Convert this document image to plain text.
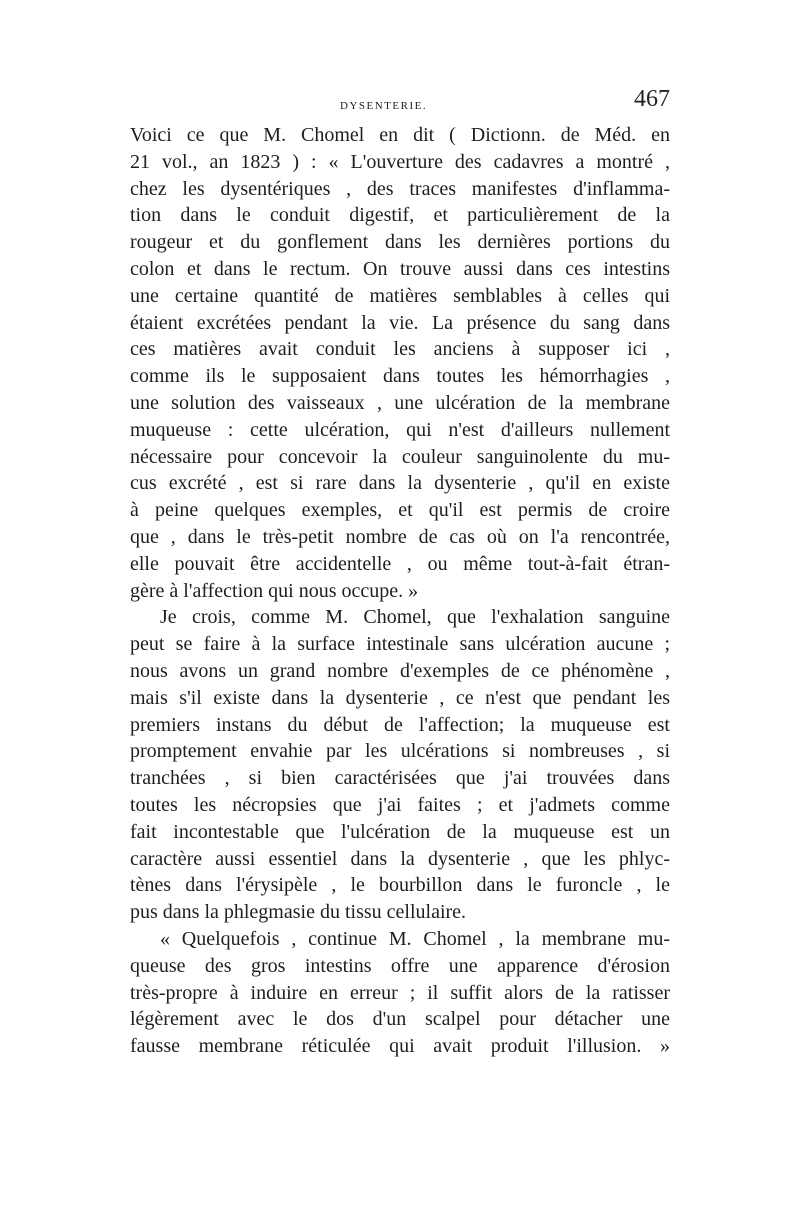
DYSENTERIE.	467
Voici ce que M. Chomel en dit ( Dictionn. de Méd. en
21 vol., an 1823 ) : « L'ouverture des cadavres a montré ,
chez les dysentériques , des traces manifestes d'inflamma-
tion dans le conduit digestif, et particulièrement de la
rougeur et du gonflement dans les dernières portions du
colon et dans le rectum. On trouve aussi dans ces intestins
une certaine quantité de matières semblables à celles qui
étaient excrétées pendant la vie. La présence du sang dans
ces matières avait conduit les anciens à supposer ici ,
comme ils le supposaient dans toutes les hémorrhagies ,
une solution des vaisseaux , une ulcération de la membrane
muqueuse : cette ulcération, qui n'est d'ailleurs nullement
nécessaire pour concevoir la couleur sanguinolente du mu-
cus excrété , est si rare dans la dysenterie , qu'il en existe
à peine quelques exemples, et qu'il est permis de croire
que , dans le très-petit nombre de cas où on l'a rencontrée,
elle pouvait être accidentelle , ou même tout-à-fait étran-
gère à l'affection qui nous occupe. »
Je crois, comme M. Chomel, que l'exhalation sanguine
peut se faire à la surface intestinale sans ulcération aucune ;
nous avons un grand nombre d'exemples de ce phénomène ,
mais s'il existe dans la dysenterie , ce n'est que pendant les
premiers instans du début de l'affection; la muqueuse est
promptement envahie par les ulcérations si nombreuses , si
tranchées , si bien caractérisées que j'ai trouvées dans
toutes les nécropsies que j'ai faites ; et j'admets comme
fait incontestable que l'ulcération de la muqueuse est un
caractère aussi essentiel dans la dysenterie , que les phlyc-
tènes dans l'érysipèle , le bourbillon dans le furoncle , le
pus dans la phlegmasie du tissu cellulaire.
« Quelquefois , continue M. Chomel , la membrane mu-
queuse des gros intestins offre une apparence d'érosion
très-propre à induire en erreur ; il suffit alors de la ratisser
légèrement avec le dos d'un scalpel pour détacher une
fausse membrane réticulée qui avait produit l'illusion. »
